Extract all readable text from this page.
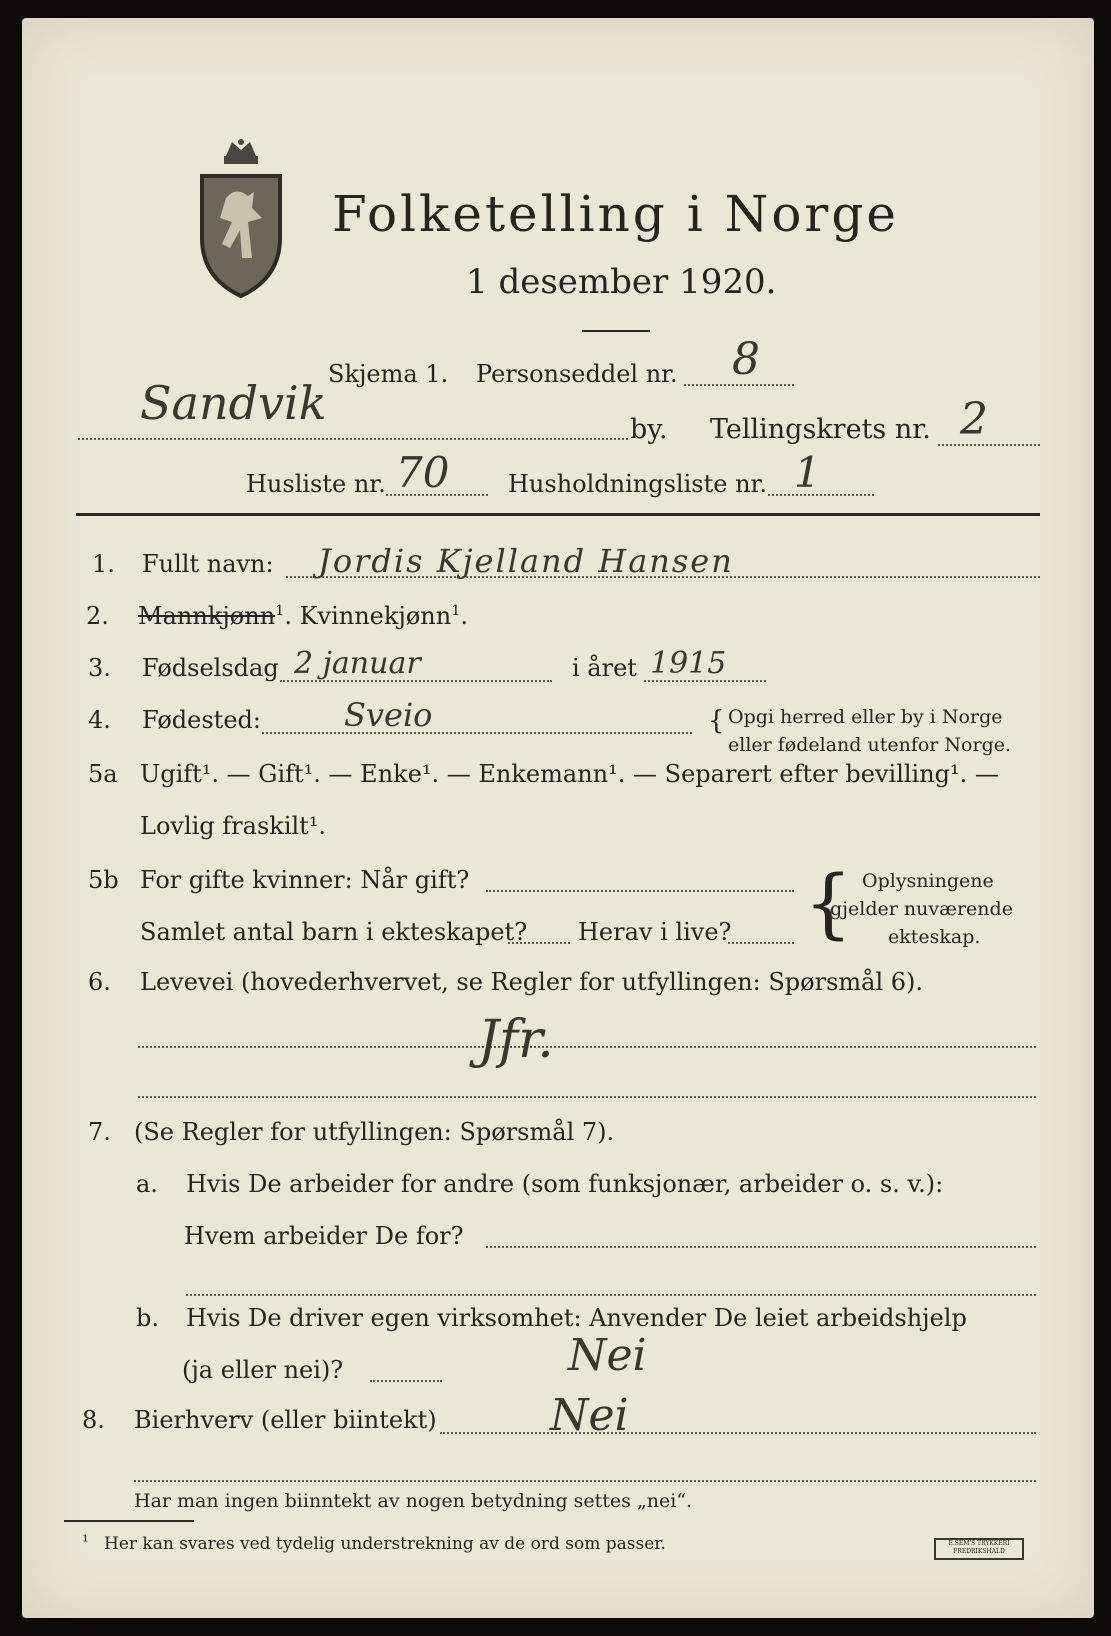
Folketelling i Norge
1 desember 1920.
Skjema 1. Personseddel nr. 8
Sandvik	by. Tellingskrets nr. 2
Husliste nr. 70 Husholdningsliste nr. 1
1. Fullt navn: Jordis Kjelland Hansen
2. Mannkjønn$^1$. Kvinnekjønn$^1$.
3. Fødselsdag 2 januar	i året 1915
4. Fødested:	Sveio	{ Opgi herred eller by i Norge
eller fødeland utenfor Norge.
5a Ugift¹. — Gift¹. — Enke¹. — Enkemann¹. — Separert efter bevilling¹. —
Lovlig fraskilt¹.
5b For gifte kvinner: Når gift?
Samlet antal barn i ekteskapet? Herav i live? { Oplysningene
gjelder nuværende
ekteskap.
6. Levevei (hovederhvervet, se Regler for utfyllingen: Spørsmål 6).
Jfr.
7. (Se Regler for utfyllingen: Spørsmål 7).
a. Hvis De arbeider for andre (som funksjonær, arbeider o. s. v.):
Hvem arbeider De for?
b. Hvis De driver egen virksomhet: Anvender De leiet arbeidshjelp
(ja eller nei)?	Nei
8. Bierhverv (eller biintekt)	Nei
Har man ingen biinntekt av nogen betydning settes „nei“.
¹ Her kan svares ved tydelig understrekning av de ord som passer.	E.SEM'S TRYKKERI FREDRIKSHALD
